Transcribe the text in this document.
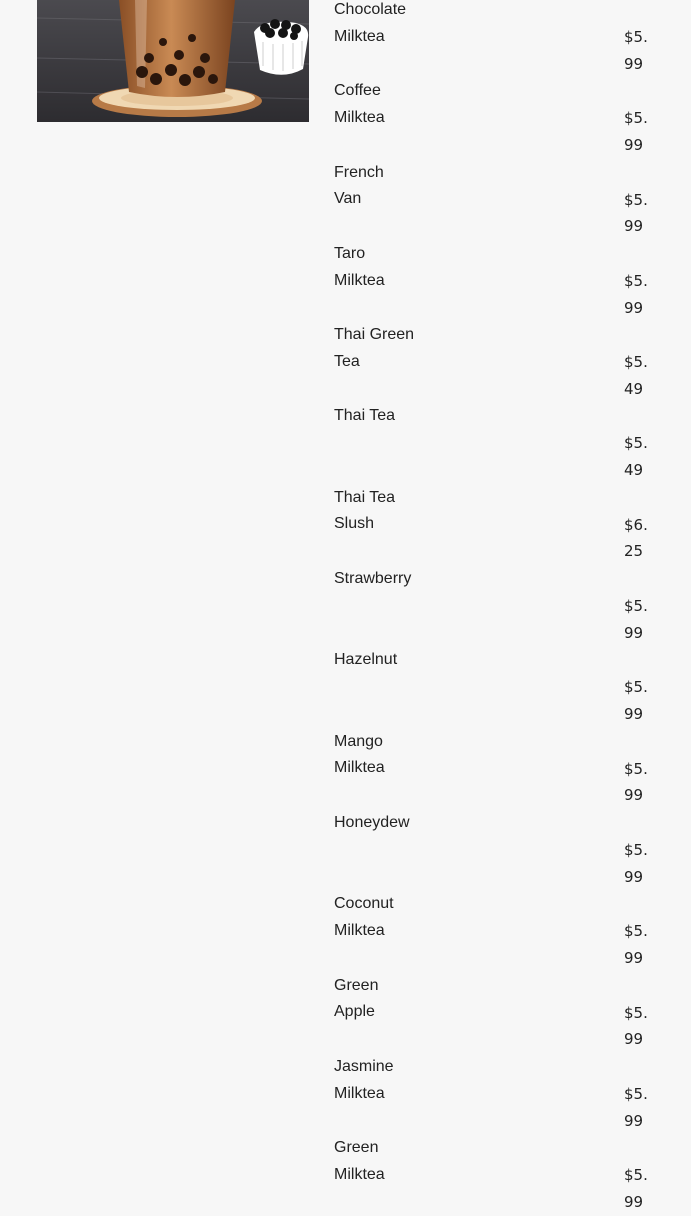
Chocolate
Milktea
Coffee
Milktea
French
Van
Taro
Milktea
Thai Green
Tea
Thai Tea
Thai Tea
Slush
Strawberry
Hazelnut
Mango
Milktea
Honeydew
Coconut
Milktea
Green
Apple
Jasmine
Milktea
Green
Milktea
$5.
99
$5.
99
$5.
99
$5.
99
$5.
49
$5.
49
$6.
25
$5.
99
$5.
99
$5.
99
$5.
99
$5.
99
$5.
99
$5.
99
$5.
99
